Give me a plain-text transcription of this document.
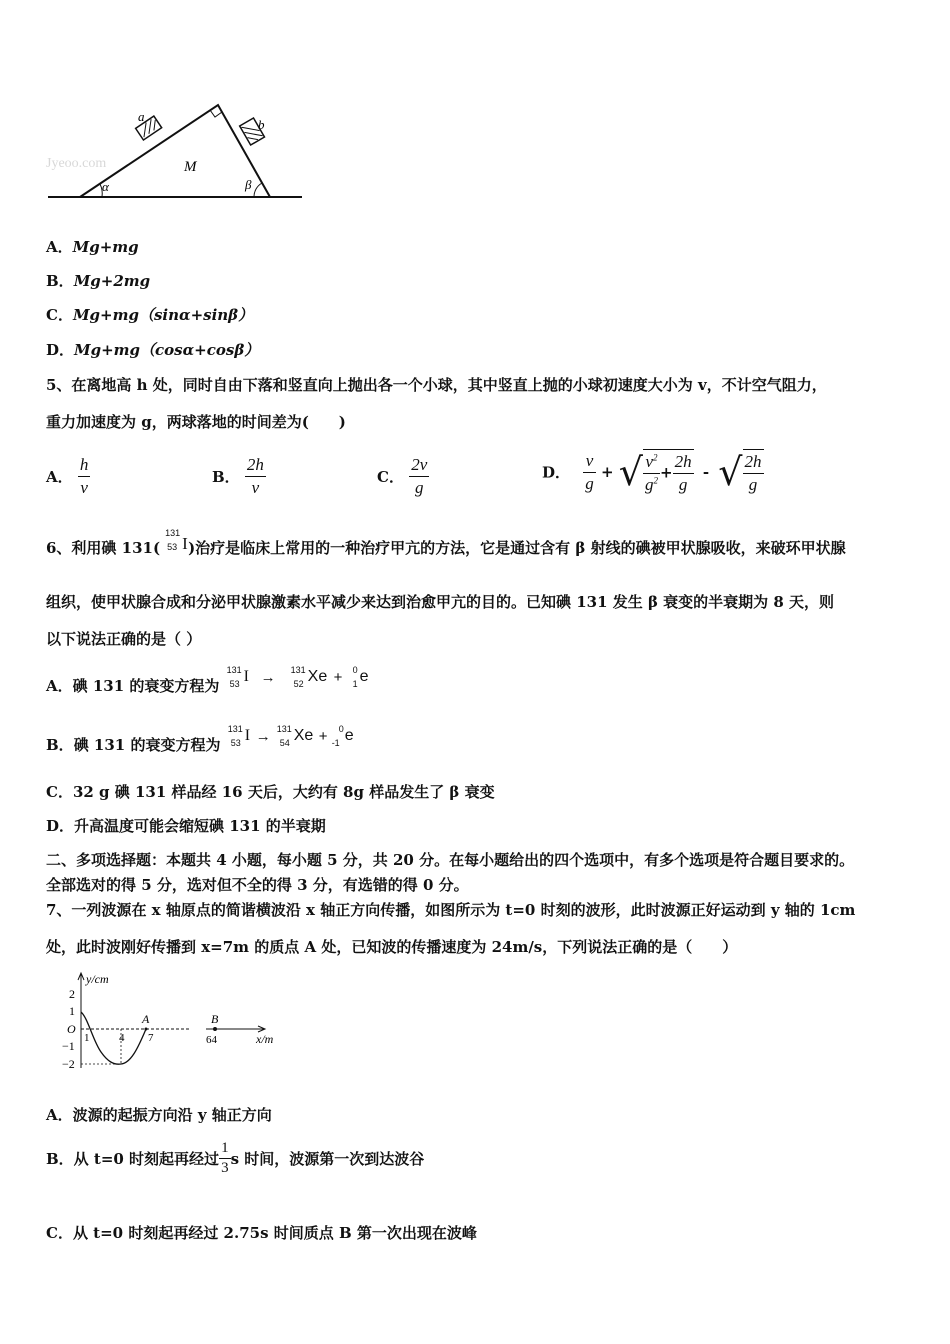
Jyeoo.com
a
b
M
α	β
A．Mg+mg
B．Mg+2mg
C．Mg+mg（sinα+sinβ）
D．Mg+mg（cosα+cosβ）
5、在离地高 h 处，同时自由下落和竖直向上抛出各一个小球，其中竖直上抛的小球初速度大小为 v，不计空气阻力，
重力加速度为 g，两球落地的时间差为(　　)
A． $\frac{h}{v}$	B． $\frac{2h}{v}$	C． $\frac{2v}{g}$	D． $\frac{v}{g}$ + √ $\frac{v^2}{g^2} + \frac{2h}{g}$ - √ $\frac{2h}{g}$
6、利用碘 131(
131
53 I )治疗是临床上常用的一种治疗甲亢的方法，它是通过含有 β 射线的碘被甲状腺吸收，来破环甲状腺
组织，使甲状腺合成和分泌甲状腺激素水平减少来达到治愈甲亢的目的。已知碘 131 发生 β 衰变的半衰期为 8 天，则
以下说法正确的是（ ）
A．碘 131 的衰变方程为
131
53 I → 131
52 Xe + 0
1 e
B．碘 131 的衰变方程为
131
53 I → 131
54 Xe + 0
-1 e
C．32 g 碘 131 样品经 16 天后，大约有 8g 样品发生了 β 衰变
D．升高温度可能会缩短碘 131 的半衰期
二、多项选择题：本题共 4 小题，每小题 5 分，共 20 分。在每小题给出的四个选项中，有多个选项是符合题目要求的。
全部选对的得 5 分，选对但不全的得 3 分，有选错的得 0 分。
7、一列波源在 x 轴原点的简谐横波沿 x 轴正方向传播，如图所示为 t=0 时刻的波形，此时波源正好运动到 y 轴的 1cm
处，此时波刚好传播到 x=7m 的质点 A 处，已知波的传播速度为 24m/s，下列说法正确的是（　　）
y/cm
x/m
2
1
O
−1
−2
1	4 7
A	B
64
A．波源的起振方向沿 y 轴正方向
B．从 t=0 时刻起再经过 $\frac{1}{3}$ s 时间，波源第一次到达波谷
C．从 t=0 时刻起再经过 2.75s 时间质点 B 第一次出现在波峰
